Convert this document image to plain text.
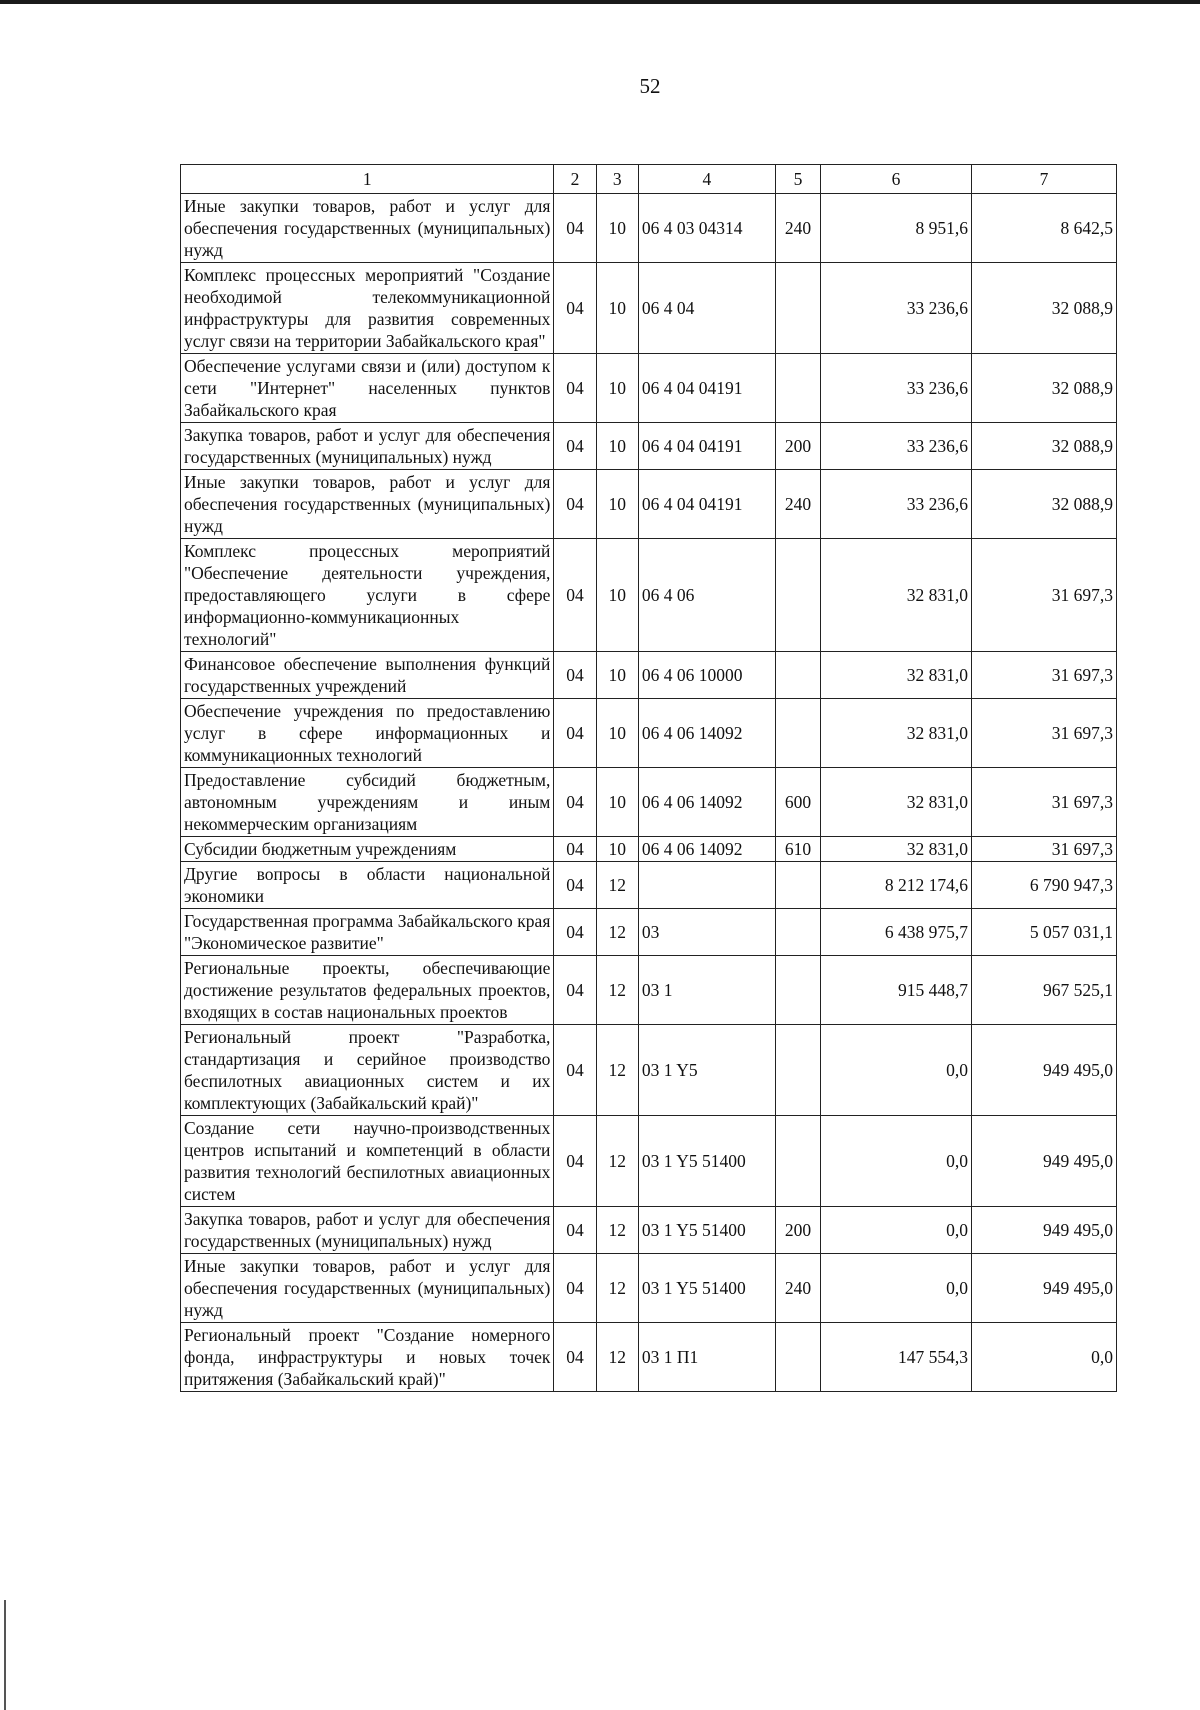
52
1	2	3	4	5	6	7
Иные закупки товаров, работ и услуг для обеспечения государственных (муниципальных) нужд	04	10	06 4 03 04314	240	8 951,6	8 642,5
Комплекс процессных мероприятий "Создание необходимой телекоммуникационной инфраструктуры для развития современных услуг связи на территории Забайкальского края"	04	10	06 4 04		33 236,6	32 088,9
Обеспечение услугами связи и (или) доступом к сети "Интернет" населенных пунктов Забайкальского края	04	10	06 4 04 04191		33 236,6	32 088,9
Закупка товаров, работ и услуг для обеспечения государственных (муниципальных) нужд	04	10	06 4 04 04191	200	33 236,6	32 088,9
Иные закупки товаров, работ и услуг для обеспечения государственных (муниципальных) нужд	04	10	06 4 04 04191	240	33 236,6	32 088,9
Комплекс процессных мероприятий "Обеспечение деятельности учреждения, предоставляющего услуги в сфере информационно-коммуникационных технологий"	04	10	06 4 06		32 831,0	31 697,3
Финансовое обеспечение выполнения функций государственных учреждений	04	10	06 4 06 10000		32 831,0	31 697,3
Обеспечение учреждения по предоставлению услуг в сфере информационных и коммуникационных технологий	04	10	06 4 06 14092		32 831,0	31 697,3
Предоставление субсидий бюджетным, автономным учреждениям и иным некоммерческим организациям	04	10	06 4 06 14092	600	32 831,0	31 697,3
Субсидии бюджетным учреждениям	04	10	06 4 06 14092	610	32 831,0	31 697,3
Другие вопросы в области национальной экономики	04	12			8 212 174,6	6 790 947,3
Государственная программа Забайкальского края "Экономическое развитие"	04	12	03		6 438 975,7	5 057 031,1
Региональные проекты, обеспечивающие достижение результатов федеральных проектов, входящих в состав национальных проектов	04	12	03 1		915 448,7	967 525,1
Региональный проект "Разработка, стандартизация и серийное производство беспилотных авиационных систем и их комплектующих (Забайкальский край)"	04	12	03 1 Y5		0,0	949 495,0
Создание сети научно-производственных центров испытаний и компетенций в области развития технологий беспилотных авиационных систем	04	12	03 1 Y5 51400		0,0	949 495,0
Закупка товаров, работ и услуг для обеспечения государственных (муниципальных) нужд	04	12	03 1 Y5 51400	200	0,0	949 495,0
Иные закупки товаров, работ и услуг для обеспечения государственных (муниципальных) нужд	04	12	03 1 Y5 51400	240	0,0	949 495,0
Региональный проект "Создание номерного фонда, инфраструктуры и новых точек притяжения (Забайкальский край)"	04	12	03 1 П1		147 554,3	0,0
